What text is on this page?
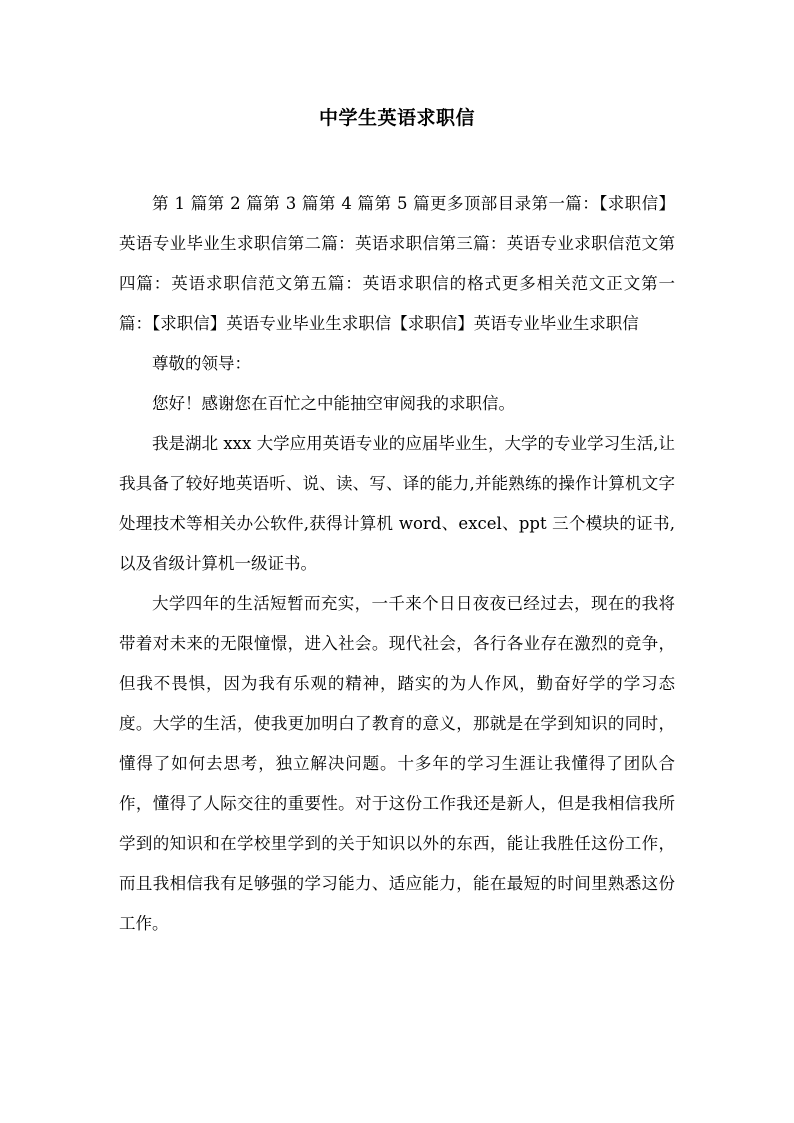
中学生英语求职信

第 1 篇第 2 篇第 3 篇第 4 篇第 5 篇更多顶部目录第一篇：【求职信】英语专业毕业生求职信第二篇：英语求职信第三篇：英语专业求职信范文第四篇：英语求职信范文第五篇：英语求职信的格式更多相关范文正文第一篇：【求职信】英语专业毕业生求职信【求职信】英语专业毕业生求职信

尊敬的领导：

您好！感谢您在百忙之中能抽空审阅我的求职信。

我是湖北 xxx 大学应用英语专业的应届毕业生，大学的专业学习生活,让我具备了较好地英语听、说、读、写、译的能力,并能熟练的操作计算机文字处理技术等相关办公软件,获得计算机 word、excel、ppt 三个模块的证书,以及省级计算机一级证书。

大学四年的生活短暂而充实，一千来个日日夜夜已经过去，现在的我将带着对未来的无限憧憬，进入社会。现代社会，各行各业存在激烈的竞争，但我不畏惧，因为我有乐观的精神，踏实的为人作风，勤奋好学的学习态度。大学的生活，使我更加明白了教育的意义，那就是在学到知识的同时，懂得了如何去思考，独立解决问题。十多年的学习生涯让我懂得了团队合作，懂得了人际交往的重要性。对于这份工作我还是新人，但是我相信我所学到的知识和在学校里学到的关于知识以外的东西，能让我胜任这份工作，而且我相信我有足够强的学习能力、适应能力，能在最短的时间里熟悉这份工作。
